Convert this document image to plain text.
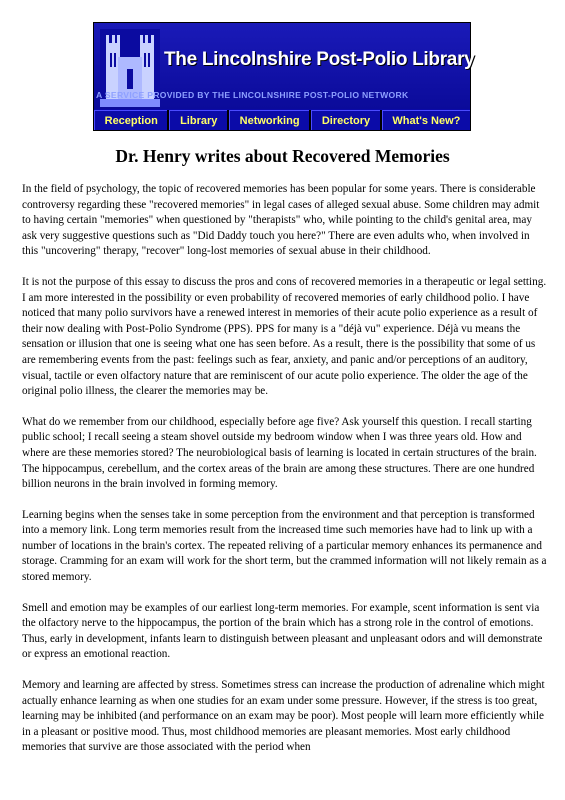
The Lincolnshire Post-Polio Library
A SERVICE PROVIDED BY THE LINCOLNSHIRE POST-POLIO NETWORK
Reception	Library	Networking	Directory	What's New?
Dr. Henry writes about Recovered Memories

In the field of psychology, the topic of recovered memories has been popular for some years. There is considerable controversy regarding these "recovered memories" in legal cases of alleged sexual abuse. Some children may admit to having certain "memories" when questioned by "therapists" who, while pointing to the child's genital area, may ask very suggestive questions such as "Did Daddy touch you here?" There are even adults who, when involved in this "uncovering" therapy, "recover" long-lost memories of sexual abuse in their childhood.

It is not the purpose of this essay to discuss the pros and cons of recovered memories in a therapeutic or legal setting. I am more interested in the possibility or even probability of recovered memories of early childhood polio. I have noticed that many polio survivors have a renewed interest in memories of their acute polio experience as a result of their now dealing with Post-Polio Syndrome (PPS). PPS for many is a "déjà vu" experience. Déjà vu means the sensation or illusion that one is seeing what one has seen before. As a result, there is the possibility that some of us are remembering events from the past: feelings such as fear, anxiety, and panic and/or perceptions of an auditory, visual, tactile or even olfactory nature that are reminiscent of our acute polio experience. The older the age of the original polio illness, the clearer the memories may be.

What do we remember from our childhood, especially before age five? Ask yourself this question. I recall starting public school; I recall seeing a steam shovel outside my bedroom window when I was three years old. How and where are these memories stored? The neurobiological basis of learning is located in certain structures of the brain. The hippocampus, cerebellum, and the cortex areas of the brain are among these structures. There are one hundred billion neurons in the brain involved in forming memory.

Learning begins when the senses take in some perception from the environment and that perception is transformed into a memory link. Long term memories result from the increased time such memories have had to link up with a number of locations in the brain's cortex. The repeated reliving of a particular memory enhances its permanence and storage. Cramming for an exam will work for the short term, but the crammed information will not likely remain as a stored memory.

Smell and emotion may be examples of our earliest long-term memories. For example, scent information is sent via the olfactory nerve to the hippocampus, the portion of the brain which has a strong role in the control of emotions. Thus, early in development, infants learn to distinguish between pleasant and unpleasant odors and will demonstrate or express an emotional reaction.

Memory and learning are affected by stress. Sometimes stress can increase the production of adrenaline which might actually enhance learning as when one studies for an exam under some pressure. However, if the stress is too great, learning may be inhibited (and performance on an exam may be poor). Most people will learn more efficiently while in a pleasant or positive mood. Thus, most childhood memories are pleasant memories. Most early childhood memories that survive are those associated with the period when
